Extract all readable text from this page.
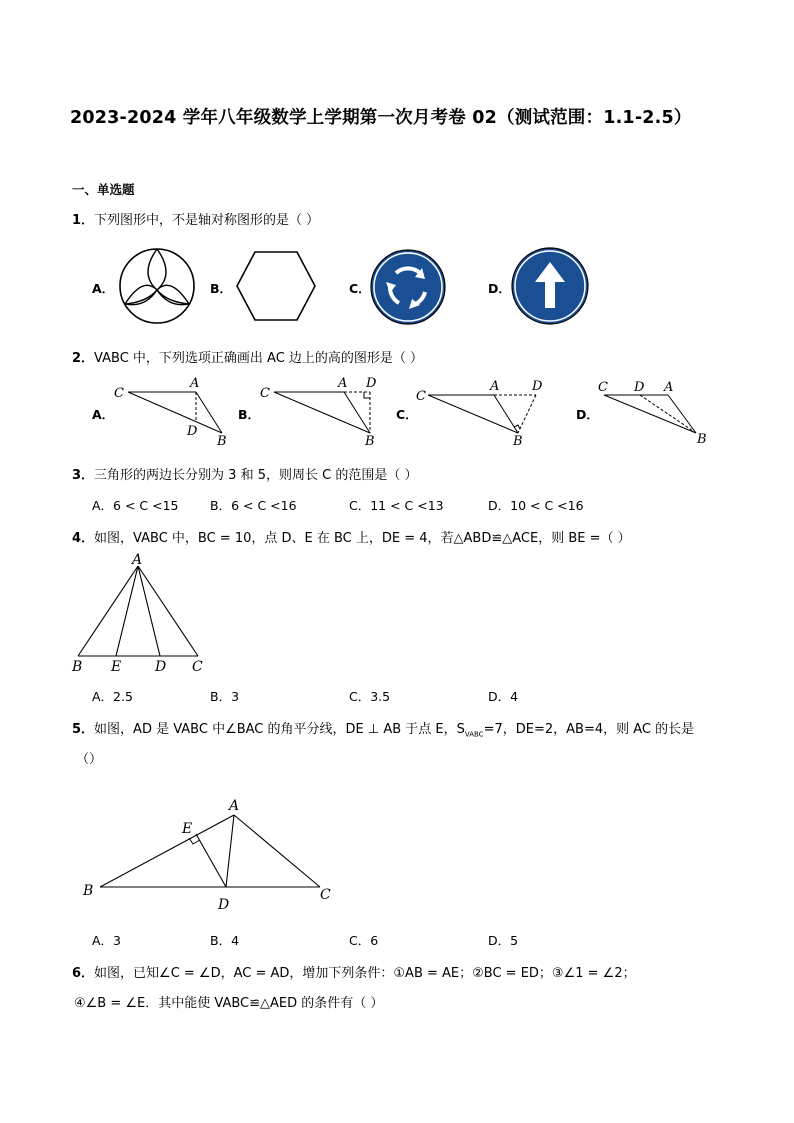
2023-2024 学年八年级数学上学期第一次月考卷 02（测试范围：1.1-2.5）
一、单选题
1．下列图形中，不是轴对称图形的是（ ）
A．	B．	C．	D．
2．VABC 中，下列选项正确画出 AC 边上的高的图形是（ ）
A．
C
A
D
B
B．
C
A D
B
C．
C
A	D
B
D．
C	A
D
B
3．三角形的两边长分别为 3 和 5，则周长 C 的范围是（ ）
A．6 < C <15	B．6 < C <16	C．11 < C <13	D．10 < C <16
4．如图，VABC 中，BC = 10，点 D、E 在 BC 上，DE = 4，若△ABD≌△ACE，则 BE =（ ）
A
B E D C
A．2.5	B．3	C．3.5	D．4
5．如图，AD 是 VABC 中∠BAC 的角平分线，DE ⊥ AB 于点 E，$S_{VABC}=7$，DE=2，AB=4，则 AC 的长是
（）
A
E
B
D
C
A．3	B．4	C．6	D．5
6．如图，已知∠C = ∠D，AC = AD，增加下列条件：①AB = AE；②BC = ED；③∠1 = ∠2；
④∠B = ∠E．其中能使 VABC≌△AED 的条件有（ ）
